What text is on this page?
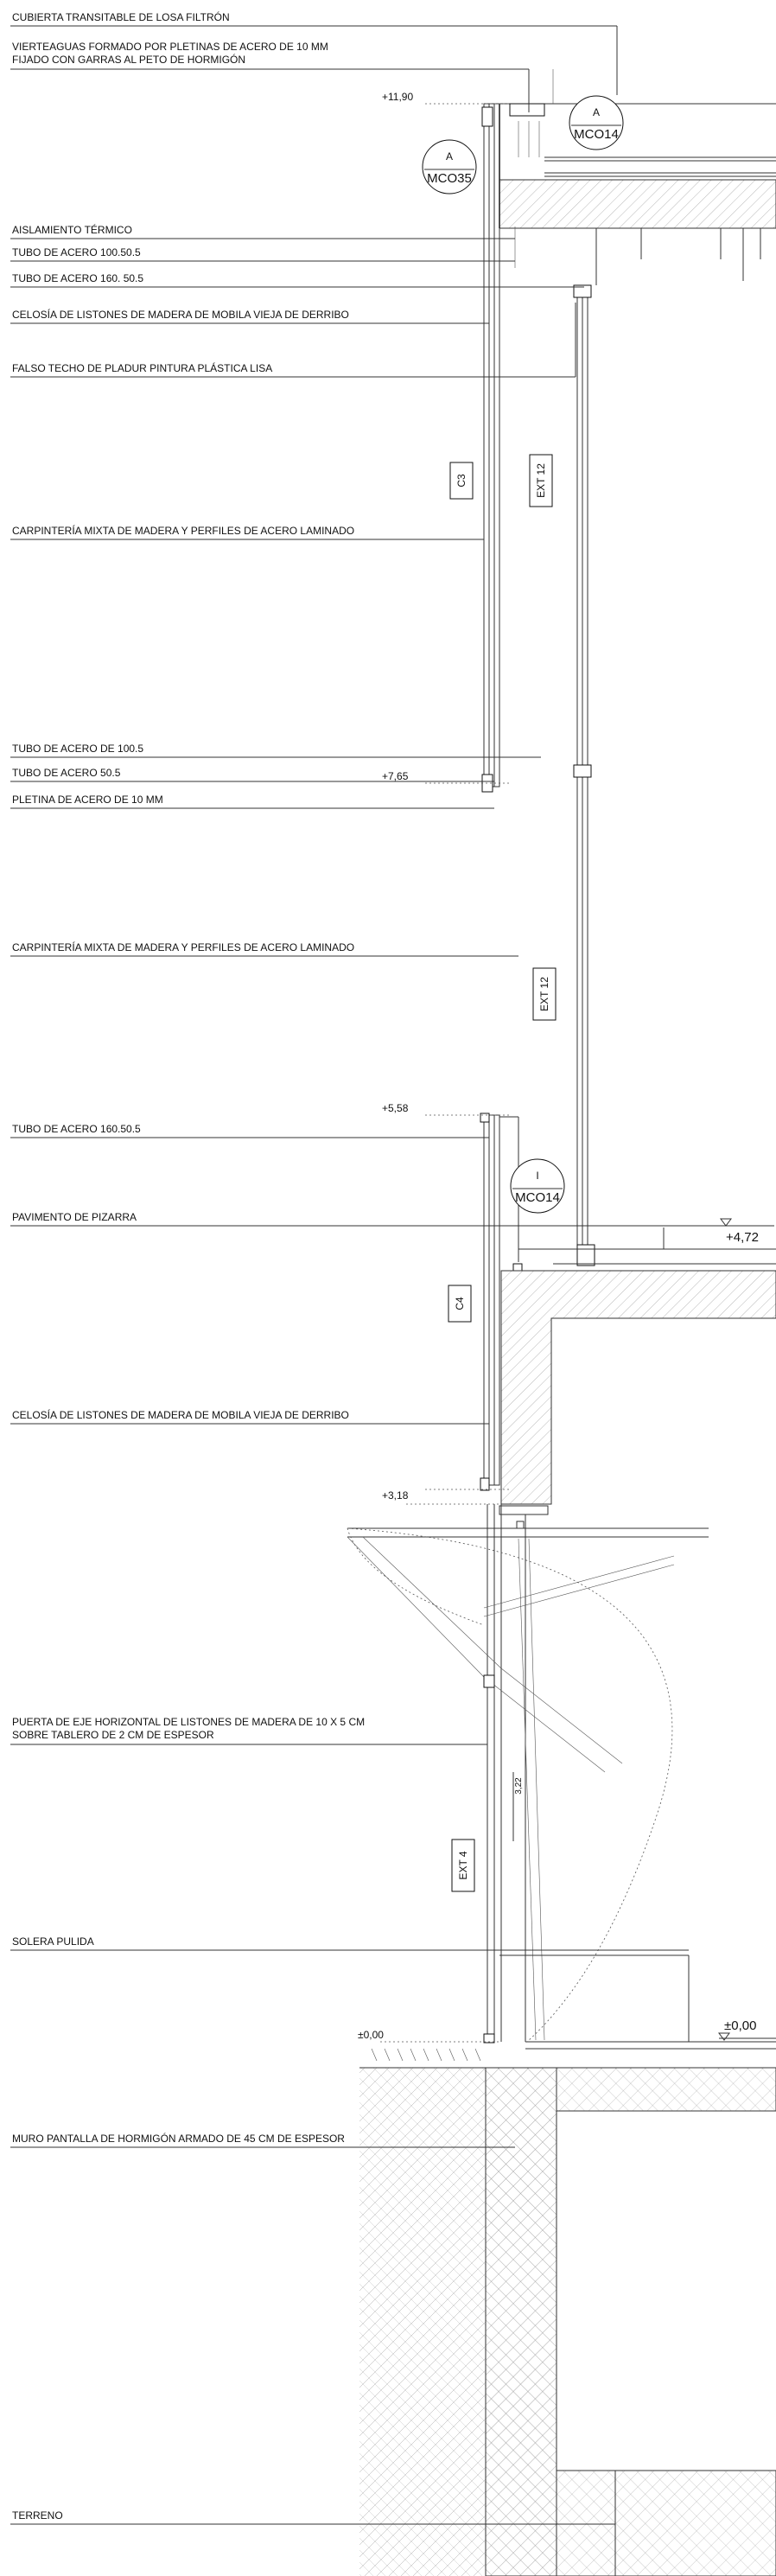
CUBIERTA TRANSITABLE DE LOSA FILTRÓN
VIERTEAGUAS FORMADO POR PLETINAS DE ACERO DE 10 MM
FIJADO CON GARRAS AL PETO DE HORMIGÓN
AISLAMIENTO TÉRMICO
TUBO DE ACERO 100.50.5
TUBO DE ACERO 160. 50.5
CELOSÍA DE LISTONES DE MADERA DE MOBILA VIEJA DE DERRIBO
FALSO TECHO DE PLADUR PINTURA PLÁSTICA LISA
CARPINTERÍA MIXTA DE MADERA Y PERFILES DE ACERO LAMINADO
TUBO DE ACERO DE 100.5
TUBO DE ACERO 50.5
PLETINA DE ACERO DE 10 MM
CARPINTERÍA MIXTA DE MADERA Y PERFILES DE ACERO LAMINADO
TUBO DE ACERO 160.50.5
PAVIMENTO DE PIZARRA
CELOSÍA DE LISTONES DE MADERA DE MOBILA VIEJA DE DERRIBO
PUERTA DE EJE HORIZONTAL DE LISTONES DE MADERA DE 10 X 5 CM
SOBRE TABLERO DE 2 CM DE ESPESOR
SOLERA PULIDA
MURO PANTALLA DE HORMIGÓN ARMADO DE 45 CM DE ESPESOR
TERRENO
+11,90
+7,65
+5,58
+4,72
+3,18
±0,00
±0,00
C3	EXT 12
EXT 12
C4
EXT 4
A
MCO14
A
MCO35
I
MCO14
3,22
